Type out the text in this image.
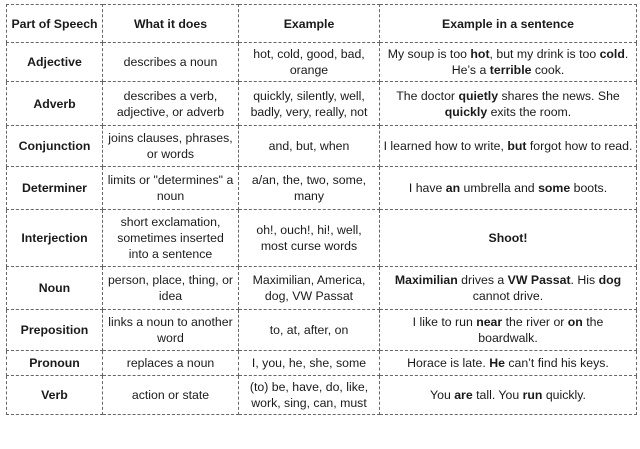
Part of Speech	What it does	Example	Example in a sentence
Adjective	describes a noun	hot, cold, good, bad, orange	My soup is too hot, but my drink is too cold. He’s a terrible cook.
Adverb	describes a verb, adjective, or adverb	quickly, silently, well, badly, very, really, not	The doctor quietly shares the news. She quickly exits the room.
Conjunction	joins clauses, phrases, or words	and, but, when	I learned how to write, but forgot how to read.
Determiner	limits or "determines" a noun	a/an, the, two, some, many	I have an umbrella and some boots.
Interjection	short exclamation, sometimes inserted into a sentence	oh!, ouch!, hi!, well, most curse words	Shoot!
Noun	person, place, thing, or idea	Maximilian, America, dog, VW Passat	Maximilian drives a VW Passat. His dog cannot drive.
Preposition	links a noun to another word	to, at, after, on	I like to run near the river or on the boardwalk.
Pronoun	replaces a noun	I, you, he, she, some	Horace is late. He can’t find his keys.
Verb	action or state	(to) be, have, do, like, work, sing, can, must	You are tall. You run quickly.
